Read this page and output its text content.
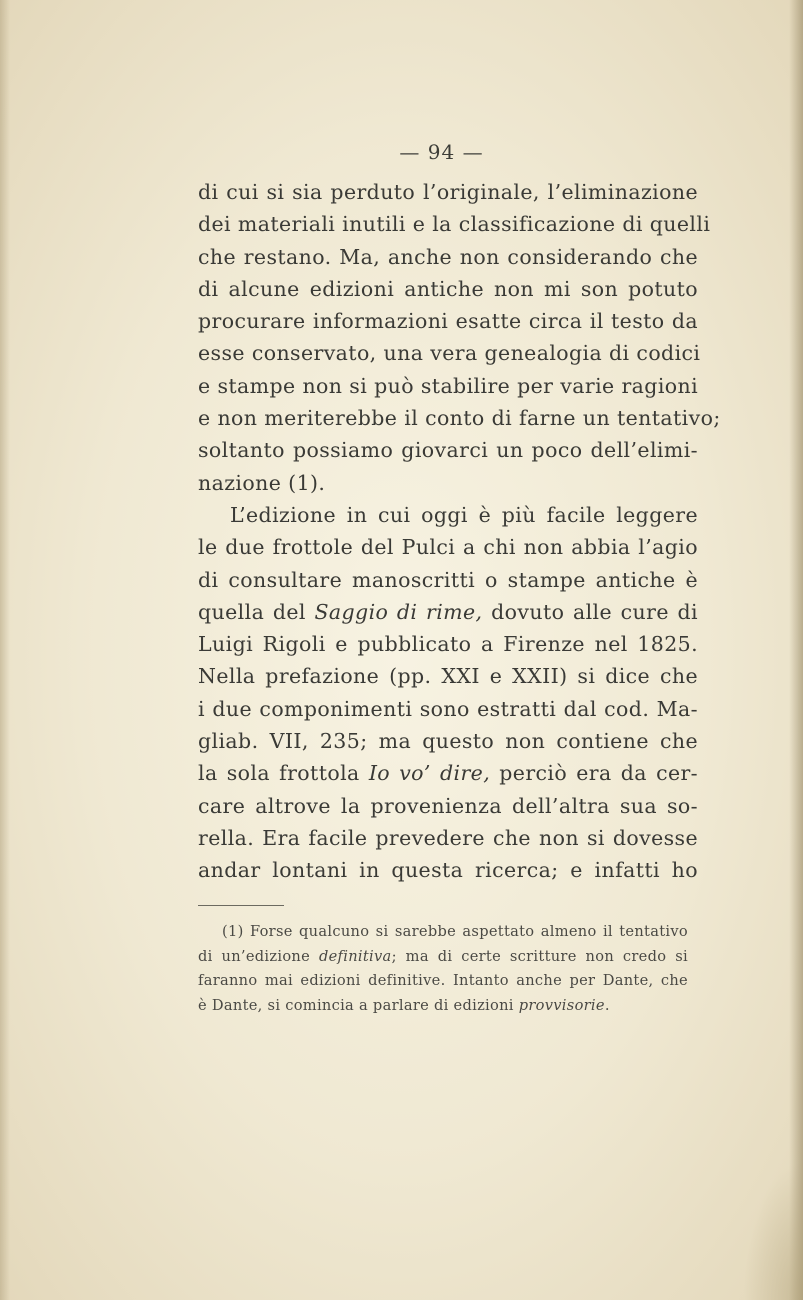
— 94 —
di cui si sia perduto l’originale, l’eliminazione
dei materiali inutili e la classificazione di quelli
che restano. Ma, anche non considerando che
di alcune edizioni antiche non mi son potuto
procurare informazioni esatte circa il testo da
esse conservato, una vera genealogia di codici
e stampe non si può stabilire per varie ragioni
e non meriterebbe il conto di farne un tentativo;
soltanto possiamo giovarci un poco dell’elimi-
nazione (1).
L’edizione in cui oggi è più facile leggere
le due frottole del Pulci a chi non abbia l’agio
di consultare manoscritti o stampe antiche è
quella del Saggio di rime, dovuto alle cure di
Luigi Rigoli e pubblicato a Firenze nel 1825.
Nella prefazione (pp. XXI e XXII) si dice che
i due componimenti sono estratti dal cod. Ma-
gliab. VII, 235; ma questo non contiene che
la sola frottola Io vo’ dire, perciò era da cer-
care altrove la provenienza dell’altra sua so-
rella. Era facile prevedere che non si dovesse
andar lontani in questa ricerca; e infatti ho
(1) Forse qualcuno si sarebbe aspettato almeno il tentativo
di un’edizione definitiva; ma di certe scritture non credo si
faranno mai edizioni definitive. Intanto anche per Dante, che
è Dante, si comincia a parlare di edizioni provvisorie.
